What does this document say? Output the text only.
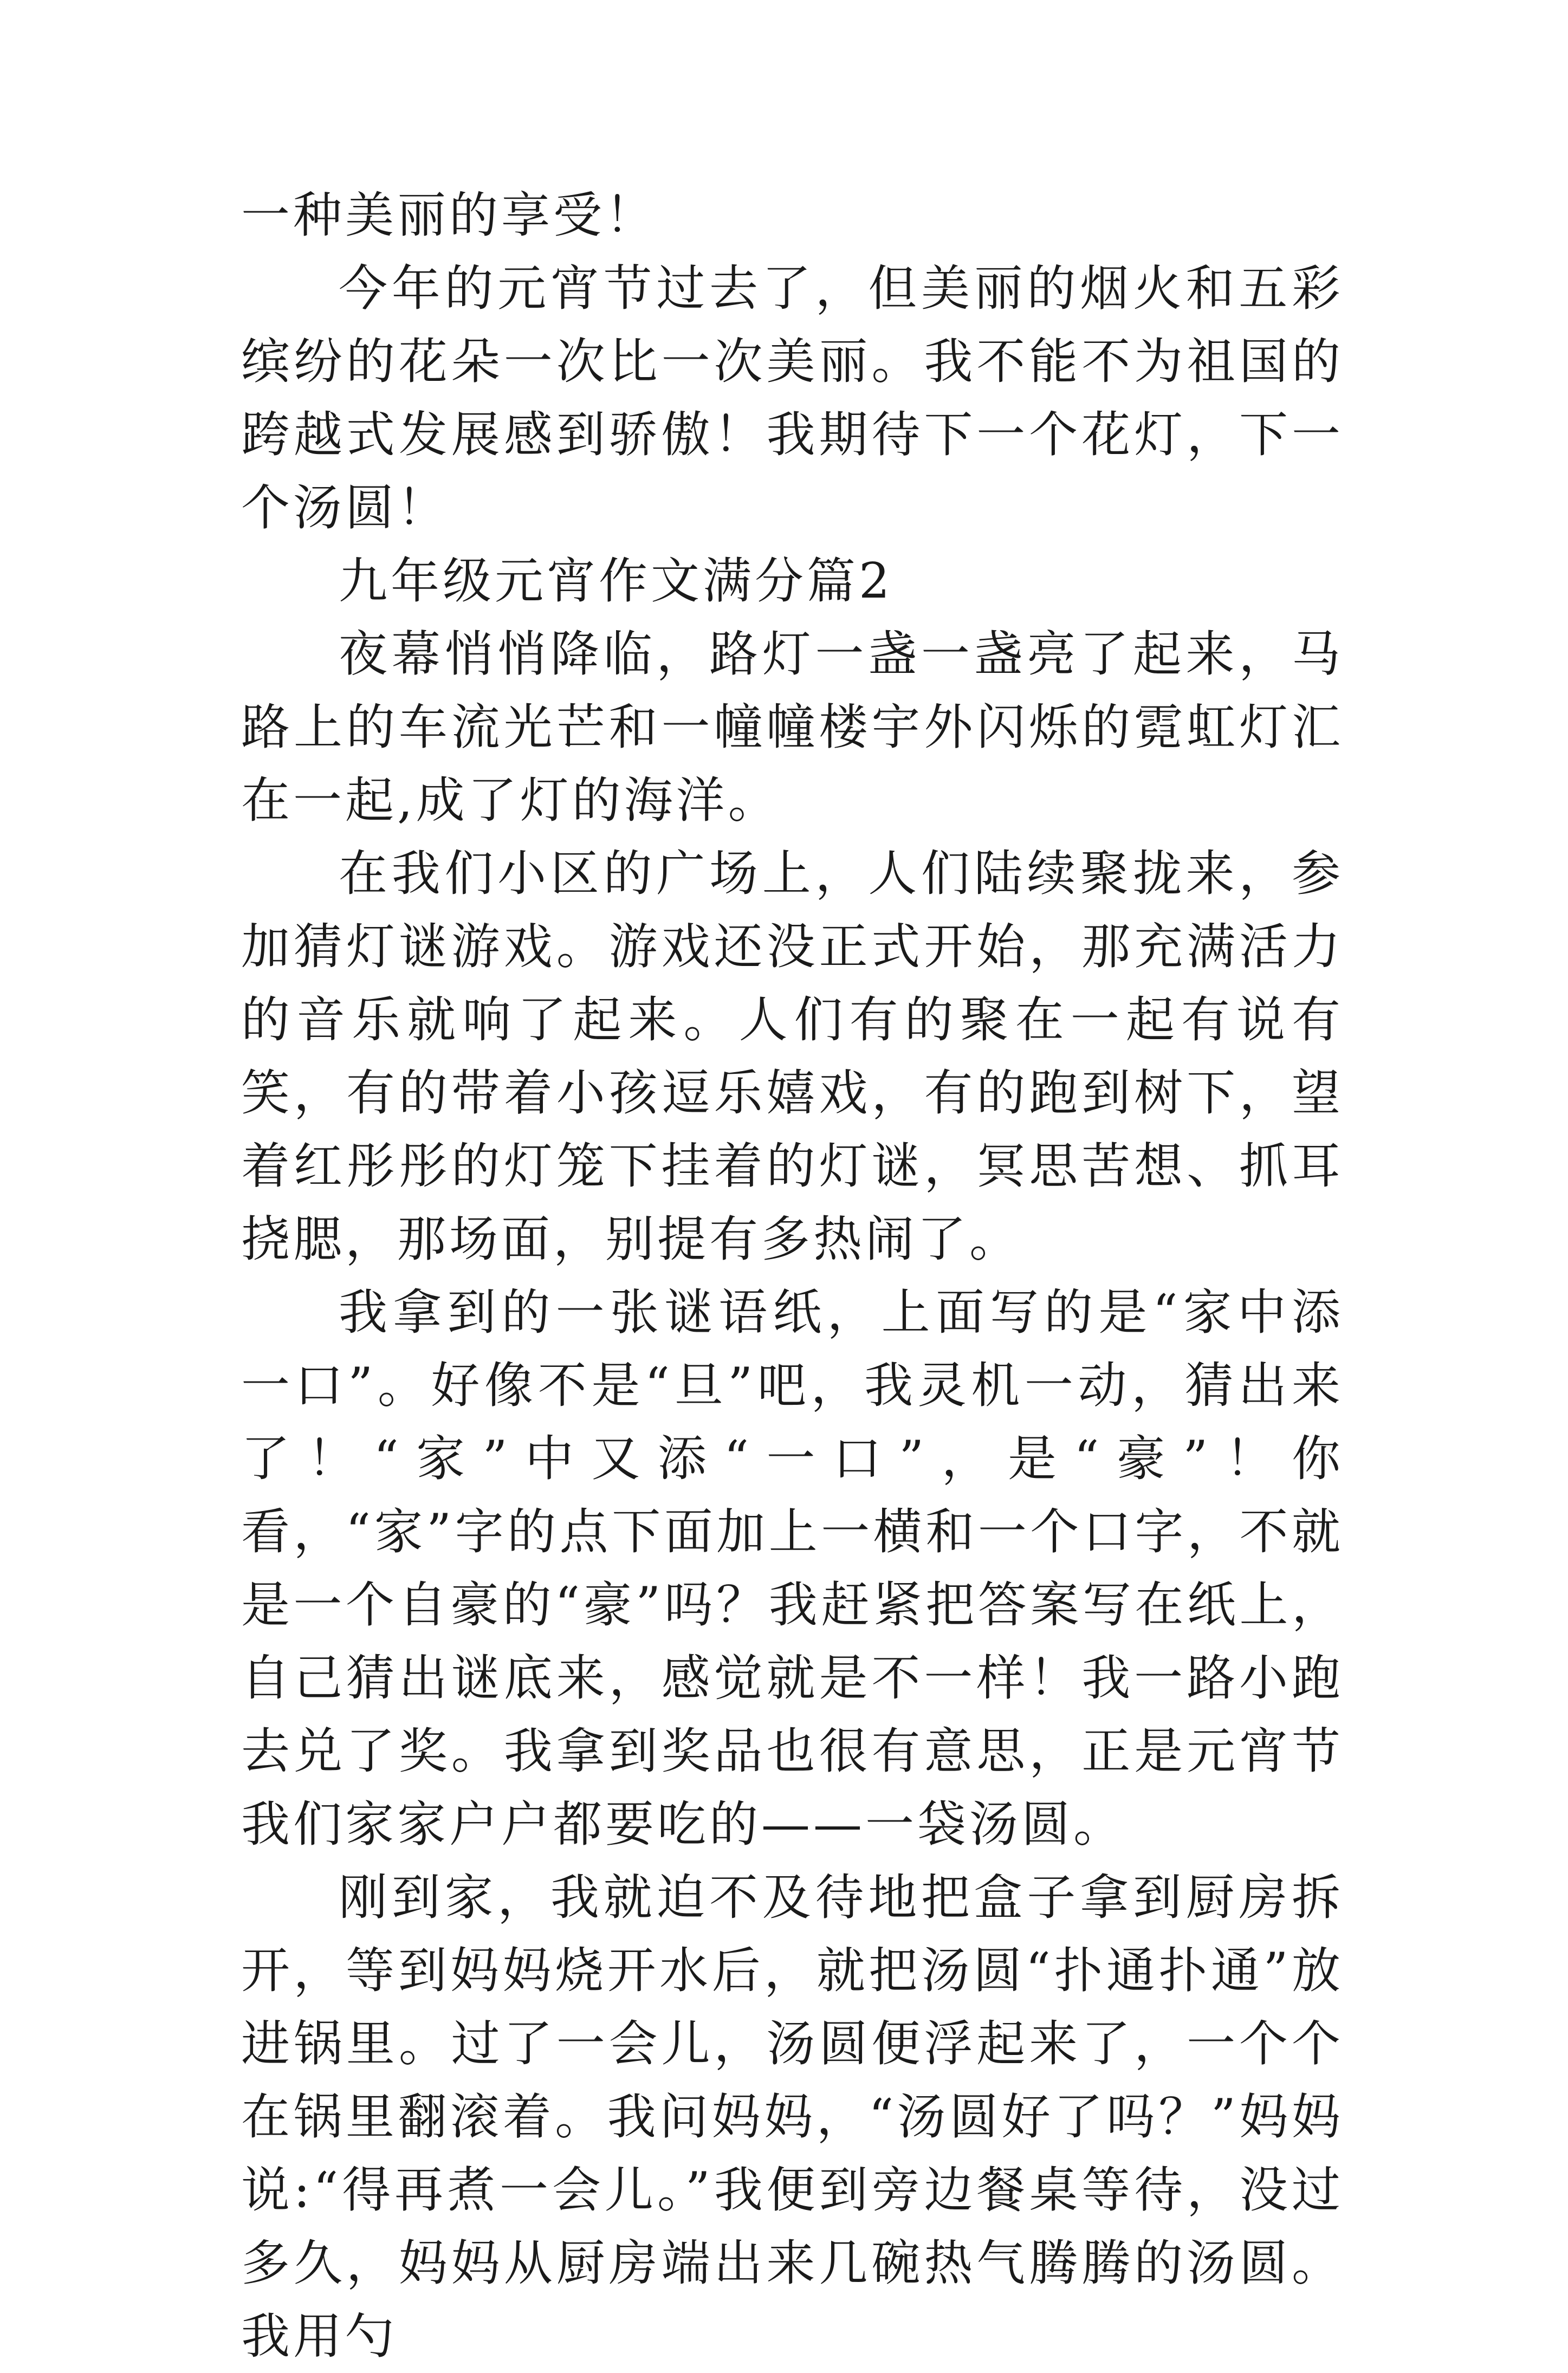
一种美丽的享受！

今年的元宵节过去了，但美丽的烟火和五彩缤纷的花朵一次比一次美丽。我不能不为祖国的跨越式发展感到骄傲！我期待下一个花灯，下一个汤圆！

九年级元宵作文满分篇2

夜幕悄悄降临，路灯一盏一盏亮了起来，马路上的车流光芒和一幢幢楼宇外闪烁的霓虹灯汇在一起,成了灯的海洋。

在我们小区的广场上，人们陆续聚拢来，参加猜灯谜游戏。游戏还没正式开始，那充满活力的音乐就响了起来。人们有的聚在一起有说有笑，有的带着小孩逗乐嬉戏，有的跑到树下，望着红彤彤的灯笼下挂着的灯谜，冥思苦想、抓耳挠腮，那场面，别提有多热闹了。

我拿到的一张谜语纸，上面写的是“家中添一口”。好像不是“旦”吧，我灵机一动，猜出来了！“家”中又添“一口”，是“豪”！你看，“家”字的点下面加上一横和一个口字，不就是一个自豪的“豪”吗？我赶紧把答案写在纸上，自己猜出谜底来，感觉就是不一样！我一路小跑去兑了奖。我拿到奖品也很有意思，正是元宵节我们家家户户都要吃的——一袋汤圆。

刚到家，我就迫不及待地把盒子拿到厨房拆开，等到妈妈烧开水后，就把汤圆“扑通扑通”放进锅里。过了一会儿，汤圆便浮起来了，一个个在锅里翻滚着。我问妈妈，“汤圆好了吗？”妈妈说:“得再煮一会儿。”我便到旁边餐桌等待，没过多久，妈妈从厨房端出来几碗热气腾腾的汤圆。我用勺
